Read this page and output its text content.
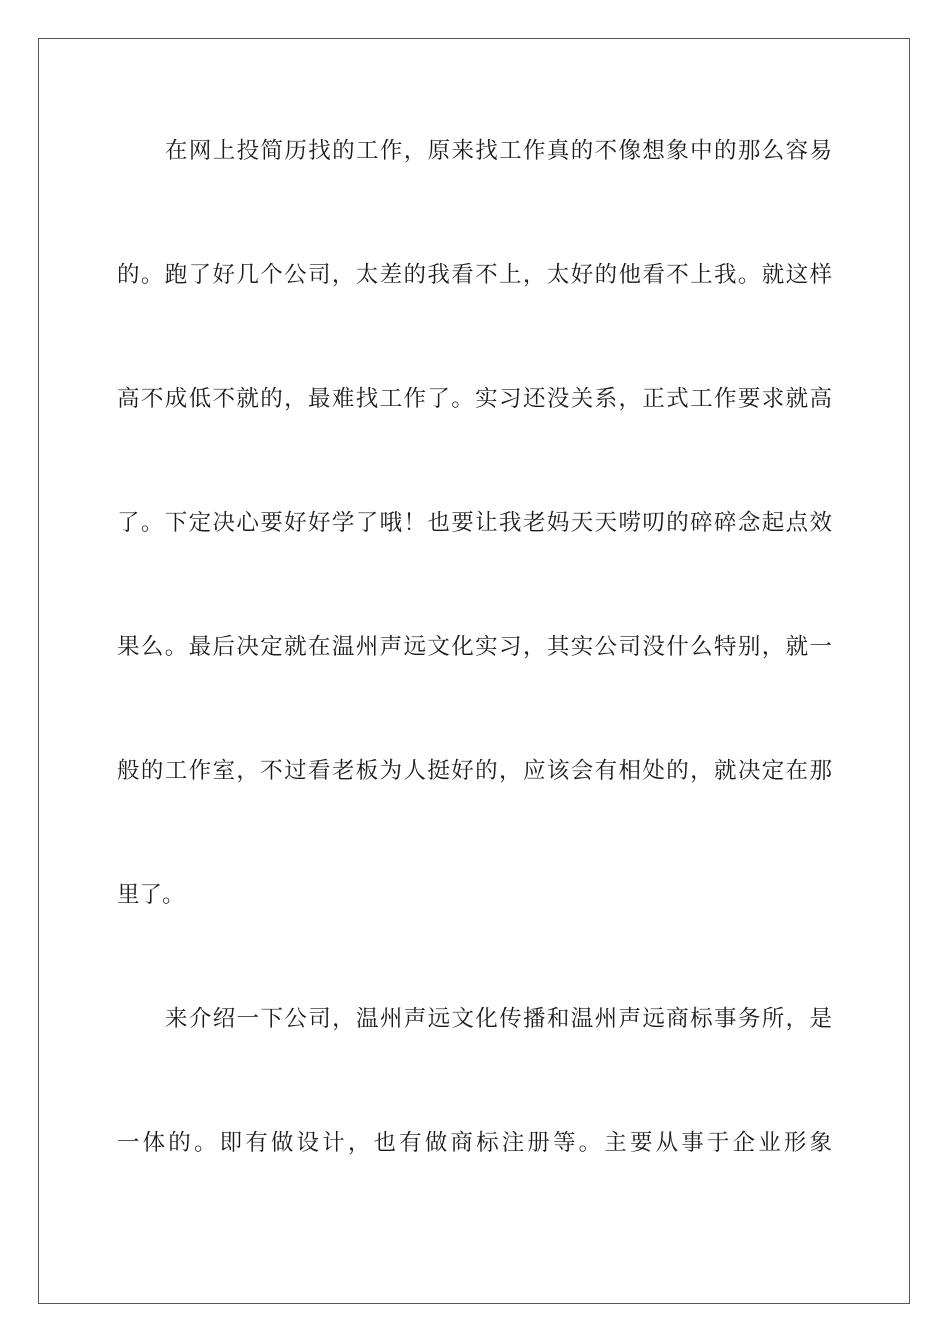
在网上投简历找的工作，原来找工作真的不像想象中的那么容易
的。跑了好几个公司，太差的我看不上，太好的他看不上我。就这样
高不成低不就的，最难找工作了。实习还没关系，正式工作要求就高
了。下定决心要好好学了哦！也要让我老妈天天唠叨的碎碎念起点效
果么。最后决定就在温州声远文化实习，其实公司没什么特别，就一
般的工作室，不过看老板为人挺好的，应该会有相处的，就决定在那
里了。
来介绍一下公司，温州声远文化传播和温州声远商标事务所，是
一体的。即有做设计，也有做商标注册等。主要从事于企业形象
